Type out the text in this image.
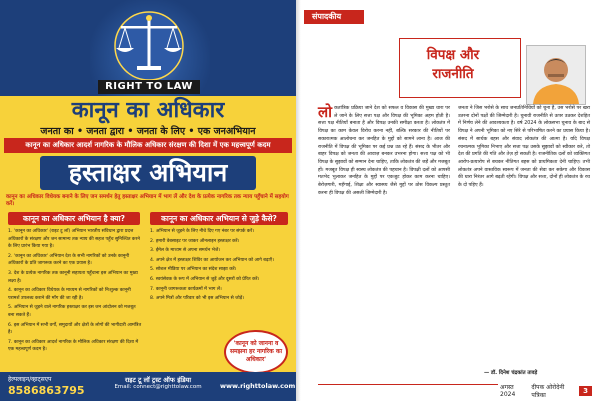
RIGHT TO LAW
कानून का अधिकार
जनता का • जनता द्वारा • जनता के लिए • एक जनअभियान
कानून का अधिकार आदर्श नागरिक के मौलिक अधिकार संरक्षण की दिशा में एक महत्त्वपूर्ण कदम
हस्ताक्षर अभियान
कानून का अधिकार विधेयक बनाने के लिए जन समर्थन हेतु हस्ताक्षर अभियान में भाग लें और देश के प्रत्येक नागरिक तक न्याय पहुँचाने में सहयोग करें।
कानून का अधिकार अभियान है क्या?	कानून का अधिकार अभियान से जुड़े कैसे?

1. 'कानून का अधिकार' (राइट टू लॉ) अभियान भारतीय संविधान द्वारा प्रदत्त अधिकारों के संरक्षण और जन सामान्य तक न्याय की सहज पहुँच सुनिश्चित करने के लिए प्रारंभ किया गया है।

2. 'कानून का अधिकार' अभियान देश के सभी नागरिकों को उनके कानूनी अधिकारों के प्रति जागरूक करने का एक प्रयास है।

3. देश के प्रत्येक नागरिक तक कानूनी सहायता पहुँचाना इस अभियान का मुख्य लक्ष्य है।

4. कानून का अधिकार विधेयक के माध्यम से नागरिकों को निःशुल्क कानूनी परामर्श उपलब्ध कराने की माँग की जा रही है।

5. अभियान से जुड़ने वाले नागरिक हस्ताक्षर कर इस जन आंदोलन को मजबूत बना सकते हैं।

6. इस अभियान में सभी वर्गों, समुदायों और क्षेत्रों के लोगों की भागीदारी आमंत्रित है।

7. कानून का अधिकार आदर्श नागरिक के मौलिक अधिकार संरक्षण की दिशा में एक महत्त्वपूर्ण कदम है।

1. अभियान से जुड़ने के लिए नीचे दिए गए नंबर पर संपर्क करें।

2. हमारी वेबसाइट पर जाकर ऑनलाइन हस्ताक्षर करें।

3. ईमेल के माध्यम से अपना समर्थन भेजें।

4. अपने क्षेत्र में हस्ताक्षर शिविर का आयोजन कर अभियान को आगे बढ़ाएँ।

5. सोशल मीडिया पर अभियान का संदेश साझा करें।

6. स्वयंसेवक के रूप में अभियान से जुड़ें और दूसरों को प्रेरित करें।

7. कानूनी जागरूकता कार्यक्रमों में भाग लें।

8. अपने मित्रों और परिवार को भी इस अभियान से जोड़ें।

'कानून को जानना व समझना हर नागरिक का अधिकार'
हेल्पलाइन/व्हाट्सएप
8586863795
राइट टू लॉ ट्रस्ट ऑफ इंडिया
Email: connect@righttolaw.com	www.righttolaw.com
संपादकीय
विपक्ष और
राजनीति
लो कतांत्रिक प्रक्रिया जाने देश को सफल व विकास की मुख्य धारा पर ले जाने के लिए सत्ता पक्ष और विपक्ष की भूमिका अहम होती है। सत्ता पक्ष नीतियाँ बनाता है और विपक्ष उनकी समीक्षा करता है। लोकतंत्र में विपक्ष का काम केवल विरोध करना नहीं, बल्कि सरकार की नीतियों पर सकारात्मक आलोचना कर जनहित के मुद्दों को सामने लाना है। आज की राजनीति में विपक्ष की भूमिका पर कई प्रश्न उठ रहे हैं। संसद के भीतर और बाहर विपक्ष को जनता की आवाज़ बनकर उभरना होगा। सत्ता पक्ष को भी विपक्ष के सुझावों को सम्मान देना चाहिए, ताकि लोकतंत्र की जड़ें और मजबूत हों। मजबूत विपक्ष ही स्वस्थ लोकतंत्र की पहचान है। विपक्षी दलों को आपसी मतभेद भुलाकर जनहित के मुद्दों पर एकजुट होकर काम करना चाहिए। बेरोज़गारी, महँगाई, शिक्षा और स्वास्थ्य जैसे मुद्दों पर ठोस विकल्प प्रस्तुत करना ही विपक्ष की असली जिम्मेदारी है।
जनता ने जिस भरोसे के साथ जनप्रतिनिधियों को चुना है, उस भरोसे पर खरा उतरना दोनों पक्षों की जिम्मेदारी है। चुनावी राजनीति से ऊपर उठकर देशहित में निर्णय लेने की आवश्यकता है। वर्ष 2024 के लोकसभा चुनाव के बाद से विपक्ष ने अपनी भूमिका को नए सिरे से परिभाषित करने का प्रयास किया है। संसद में सार्थक बहस और संवाद लोकतंत्र की आत्मा है। यदि विपक्ष रचनात्मक भूमिका निभाए और सत्ता पक्ष उसके सुझावों को स्वीकार करे, तो देश की प्रगति की गति और तेज़ हो सकती है। राजनीतिक दलों को व्यक्तिगत आरोप-प्रत्यारोप से बचकर नीतिगत बहस को प्राथमिकता देनी चाहिए। तभी लोकतंत्र अपने वास्तविक स्वरूप में जनता की सेवा कर सकेगा और विकास की धारा निरंतर आगे बढ़ती रहेगी। विपक्ष और सत्ता, दोनों ही लोकतंत्र के रथ के दो पहिए हैं।
— डॉ. दिनेश चंद्रकांत तावड़े
अगस्त 2024
दीपक ओरोदेनी पत्रिका
3
